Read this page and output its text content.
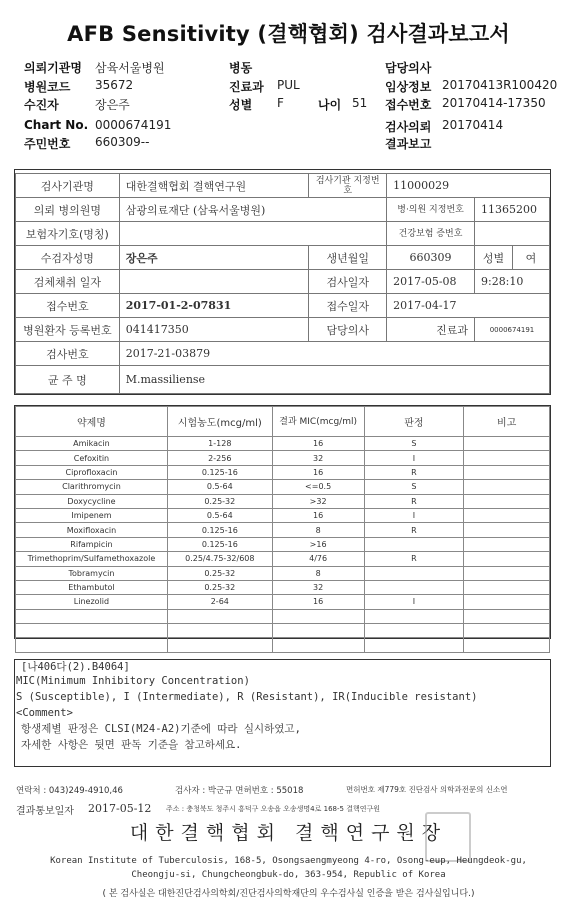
AFB Sensitivity (결핵협회) 검사결과보고서
의뢰기관명 삼육서울병원	병동	담당의사
병원코드 35672	진료과 PUL	임상정보 20170413R100420
수진자	장은주	성별 F	나이 51 접수번호 20170414-17350
Chart No. 0000674191	검사의뢰 20170414
주민번호 660309--	결과보고
검사기관명	대한결핵협회 결핵연구원	검사기관 지정번호	11000029		
의뢰 병의원명	삼광의료재단 (삼육서울병원)		병·의원 지정번호	11365200	
보험자기호(명칭)			건강보험 증번호		
수검자성명	장은주	생년월일	660309	성별	여
검체채취 일자		검사일자	2017-05-08	9:28:10	
접수번호	2017-01-2-07831	접수일자	2017-04-17		
병원환자 등록번호	041417350	담당의사	진료과	0000674191	
검사번호	2017-21-03879				
균 주 명	M.massiliense				
약제명	시험농도(mcg/ml)	결과 MIC(mcg/ml)	판정	비고
Amikacin	1-128	16	S	
Cefoxitin	2-256	32	I	
Ciprofloxacin	0.125-16	16	R	
Clarithromycin	0.5-64	<=0.5	S	
Doxycycline	0.25-32	>32	R	
Imipenem	0.5-64	16	I	
Moxifloxacin	0.125-16	8	R	
Rifampicin	0.125-16	>16		
Trimethoprim/Sulfamethoxazole	0.25/4.75-32/608	4/76	R	
Tobramycin	0.25-32	8		
Ethambutol	0.25-32	32		
Linezolid	2-64	16	I	

[나406다(2).B4064]
MIC(Minimum Inhibitory Concentration)
S (Susceptible), I (Intermediate), R (Resistant), IR(Inducible resistant)
<Comment>
항생제별 판정은 CLSI(M24-A2)기준에 따라 실시하였고,
자세한 사항은 뒷면 판독 기준을 참고하세요.
연락처 : 043)249-4910,46	검사자 : 박군규 면허번호 : 55018	면허번호 제779호 진단검사 의학과전문의 신소연
결과통보일자 2017-05-12 주소 : 충청북도 청주시 흥덕구 오송읍 오송생명4로 168-5 결핵연구원
대한결핵협회 결핵연구원장
Korean Institute of Tuberculosis, 168-5, Osongsaengmyeong 4-ro, Osong-eup, Heungdeok-gu,
Cheongju-si, Chungcheongbuk-do, 363-954, Republic of Korea
( 본 검사실은 대한진단검사의학회/진단검사의학재단의 우수검사실 인증을 받은 검사실입니다.)
